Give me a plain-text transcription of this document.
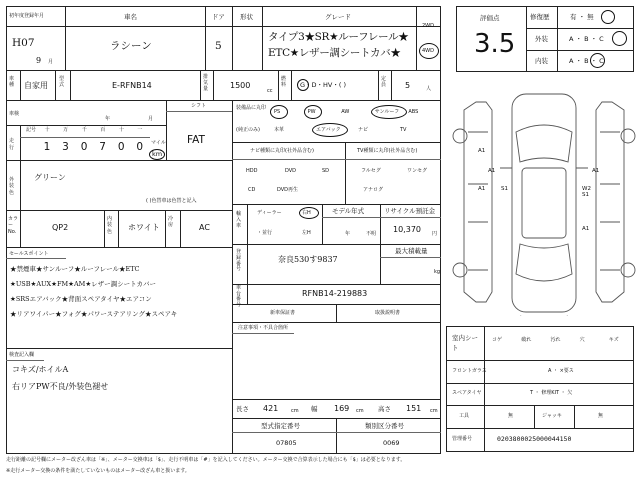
初年度登録年月
H07
9 月
車名
ラシーン
ドア
5
形状	グレード
タイプ3★SR★ルーフレール★
ETC★レザー調シートカバ★
2WD
4WD
車種	自家用
型式	E-RFNB14
排気量	1500
cc
燃料	G・D・HV・( )
定員	5	人
シフト
FAT
車検
年	月
走行
記号 十	万	千	百	十	一
1 3 0 7 0 0 マイル
km
外装色
グリーン
( )色替車は色替と記入
カラー No.	QP2
内装色	ホワイト
冷房	AC
セールスポイント
★禁煙車★サンルーフ★ルーフレール★ETC
★USB★AUX★FM★AM★レザー調シートカバー
★SRSエアバック★背面スペアタイヤ★エアコン
★リアワイパー★フォグ★パワーステアリング★スペアキ
検査記入欄
コキズ/ホイルA
右リアPW不良/外装色褪せ
装備品に丸印
(純正のみ)
PS	PW	AW	サンルーフ ABS
本革	エアバック	ナビ	TV
ナビ種類に丸印(社外品含む)	TV種類に丸印(社外品含む)
HDD	DVD	SD
CD	DVD再生
フルセグ	ワンセグ
アナログ
輸入車
ディーラー
・並行
右H
左H
モデル年式
年	不明
リサイクル預託金
10,370 円
登録番号
奈良530す9837
最大積載量
kg
車台番号
RFNB14-219883
新車保証書	取扱説明書
注意事項・不具合箇所
長さ 421	cm 幅 169 cm 高さ 151 cm
型式指定番号
07805
類別区分番号
0069
評価点
3.5
修復歴	有 ・ 無
外装	A ・ B ・ C
内装	A ・ B ・ C
A1
A1
A1	S1
A1
W2
S1
A1
室内シート
コゲ	破れ	汚れ	穴	キズ
フロントガラス	A ・ ×要ス
スペアタイヤ	T ・ 修理KIT ・ 欠
工具	無	ジャッキ	無
管理番号	0203800025000044150
走行距離の記号欄にメーター改ざん車は「※」、メーター交換車は「$」、走行不明車は「#」を記入してください。メーター交換で合算表示した場合にも「$」は必要となります。
※走行メーター交換の条件を満たしていないものはメーター改ざん車と扱います。
